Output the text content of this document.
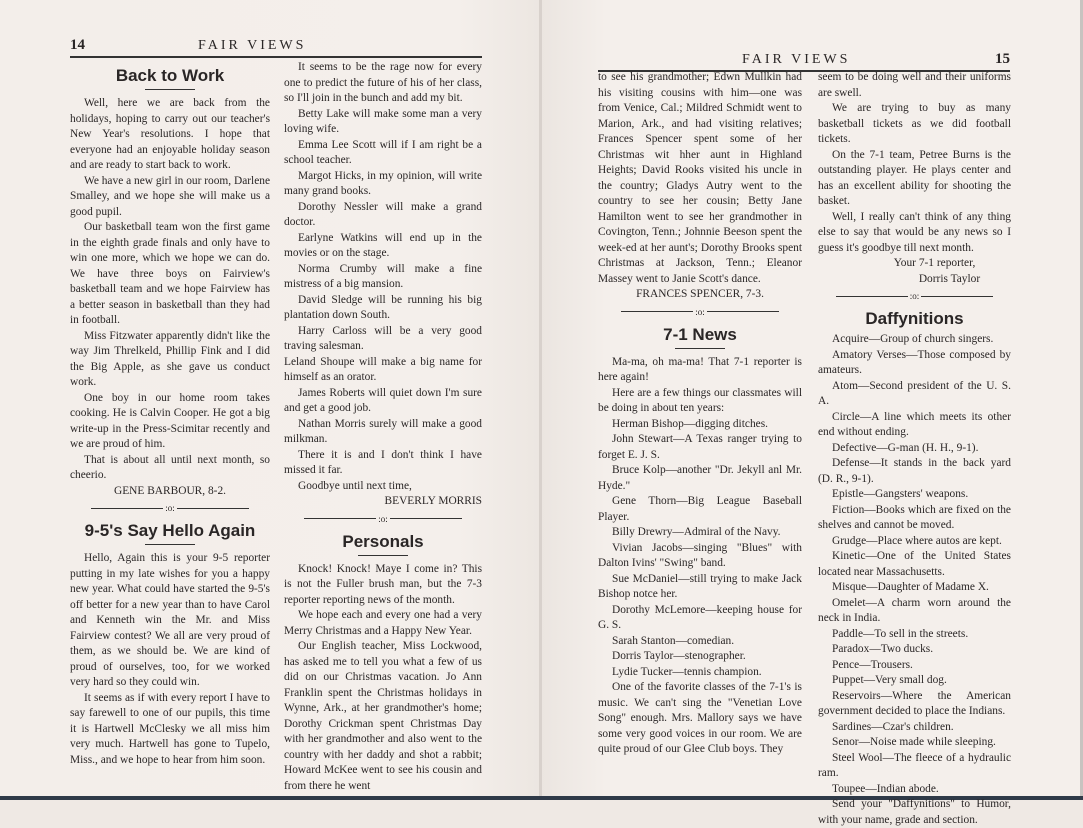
14	FAIR VIEWS
FAIR VIEWS	15
Back to Work

Well, here we are back from the holidays, hoping to carry out our teacher's New Year's resolutions. I hope that everyone had an enjoyable holiday season and are ready to start back to work.

We have a new girl in our room, Darlene Smalley, and we hope she will make us a good pupil.

Our basketball team won the first game in the eighth grade finals and only have to win one more, which we hope we can do. We have three boys on Fairview's basketball team and we hope Fairview has a better season in basketball than they had in football.

Miss Fitzwater apparently didn't like the way Jim Threlkeld, Phillip Fink and I did the Big Apple, as she gave us conduct work.

One boy in our home room takes cooking. He is Calvin Cooper. He got a big write-up in the Press-Scimitar recently and we are proud of him.

That is about all until next month, so cheerio.

GENE BARBOUR, 8-2.

:o:
9-5's Say Hello Again

Hello, Again this is your 9-5 reporter putting in my late wishes for you a happy new year. What could have started the 9-5's off better for a new year than to have Carol and Kenneth win the Mr. and Miss Fairview contest? We all are very proud of them, as we should be. We are kind of proud of ourselves, too, for we worked very hard so they could win.

It seems as if with every report I have to say farewell to one of our pupils, this time it is Hartwell McClesky we all miss him very much. Hartwell has gone to Tupelo, Miss., and we hope to hear from him soon.

It seems to be the rage now for every one to predict the future of his of her class, so I'll join in the bunch and add my bit.

Betty Lake will make some man a very loving wife.

Emma Lee Scott will if I am right be a school teacher.

Margot Hicks, in my opinion, will write many grand books.

Dorothy Nessler will make a grand doctor.

Earlyne Watkins will end up in the movies or on the stage.

Norma Crumby will make a fine mistress of a big mansion.

David Sledge will be running his big plantation down South.

Harry Carloss will be a very good traving salesman.

Leland Shoupe will make a big name for himself as an orator.

James Roberts will quiet down I'm sure and get a good job.

Nathan Morris surely will make a good milkman.

There it is and I don't think I have missed it far.

Goodbye until next time,

BEVERLY MORRIS

:o:
Personals

Knock! Knock! Maye I come in? This is not the Fuller brush man, but the 7-3 reporter reporting news of the month.

We hope each and every one had a very Merry Christmas and a Happy New Year.

Our English teacher, Miss Lockwood, has asked me to tell you what a few of us did on our Christmas vacation. Jo Ann Franklin spent the Christmas holidays in Wynne, Ark., at her grandmother's home; Dorothy Crickman spent Christmas Day with her grandmother and also went to the country with her daddy and shot a rabbit; Howard McKee went to see his cousin and from there he went

to see his grandmother; Edwn Mullkin had his visiting cousins with him—one was from Venice, Cal.; Mildred Schmidt went to Marion, Ark., and had visiting relatives; Frances Spencer spent some of her Christmas wit hher aunt in Highland Heights; David Rooks visited his uncle in the country; Gladys Autry went to the country to see her cousin; Betty Jane Hamilton went to see her grandmother in Covington, Tenn.; Johnnie Beeson spent the week-ed at her aunt's; Dorothy Brooks spent Christmas at Jackson, Tenn.; Eleanor Massey went to Janie Scott's dance.

FRANCES SPENCER, 7-3.

:o:
7-1 News

Ma-ma, oh ma-ma! That 7-1 reporter is here again!

Here are a few things our classmates will be doing in about ten years:

Herman Bishop—digging ditches.

John Stewart—A Texas ranger trying to forget E. J. S.

Bruce Kolp—another "Dr. Jekyll anl Mr. Hyde."

Gene Thorn—Big League Baseball Player.

Billy Drewry—Admiral of the Navy.

Vivian Jacobs—singing "Blues" with Dalton Ivins' "Swing" band.

Sue McDaniel—still trying to make Jack Bishop notce her.

Dorothy McLemore—keeping house for G. S.

Sarah Stanton—comedian.

Dorris Taylor—stenographer.

Lydie Tucker—tennis champion.

One of the favorite classes of the 7-1's is music. We can't sing the "Venetian Love Song" enough. Mrs. Mallory says we have some very good voices in our room. We are quite proud of our Glee Club boys. They

seem to be doing well and their uniforms are swell.

We are trying to buy as many basketball tickets as we did football tickets.

On the 7-1 team, Petree Burns is the outstanding player. He plays center and has an excellent ability for shooting the basket.

Well, I really can't think of any thing else to say that would be any news so I guess it's goodbye till next month.

Your 7-1 reporter,

Dorris Taylor

:o:
Daffynitions

Acquire—Group of church singers.

Amatory Verses—Those composed by amateurs.

Atom—Second president of the U. S. A.

Circle—A line which meets its other end without ending.

Defective—G-man (H. H., 9-1).

Defense—It stands in the back yard (D. R., 9-1).

Epistle—Gangsters' weapons.

Fiction—Books which are fixed on the shelves and cannot be moved.

Grudge—Place where autos are kept.

Kinetic—One of the United States located near Massachusetts.

Misque—Daughter of Madame X.

Omelet—A charm worn around the neck in India.

Paddle—To sell in the streets.

Paradox—Two ducks.

Pence—Trousers.

Puppet—Very small dog.

Reservoirs—Where the American government decided to place the Indians.

Sardines—Czar's children.

Senor—Noise made while sleeping.

Steel Wool—The fleece of a hydraulic ram.

Toupee—Indian abode.

Send your "Daffynitions" to Humor, with your name, grade and section.
